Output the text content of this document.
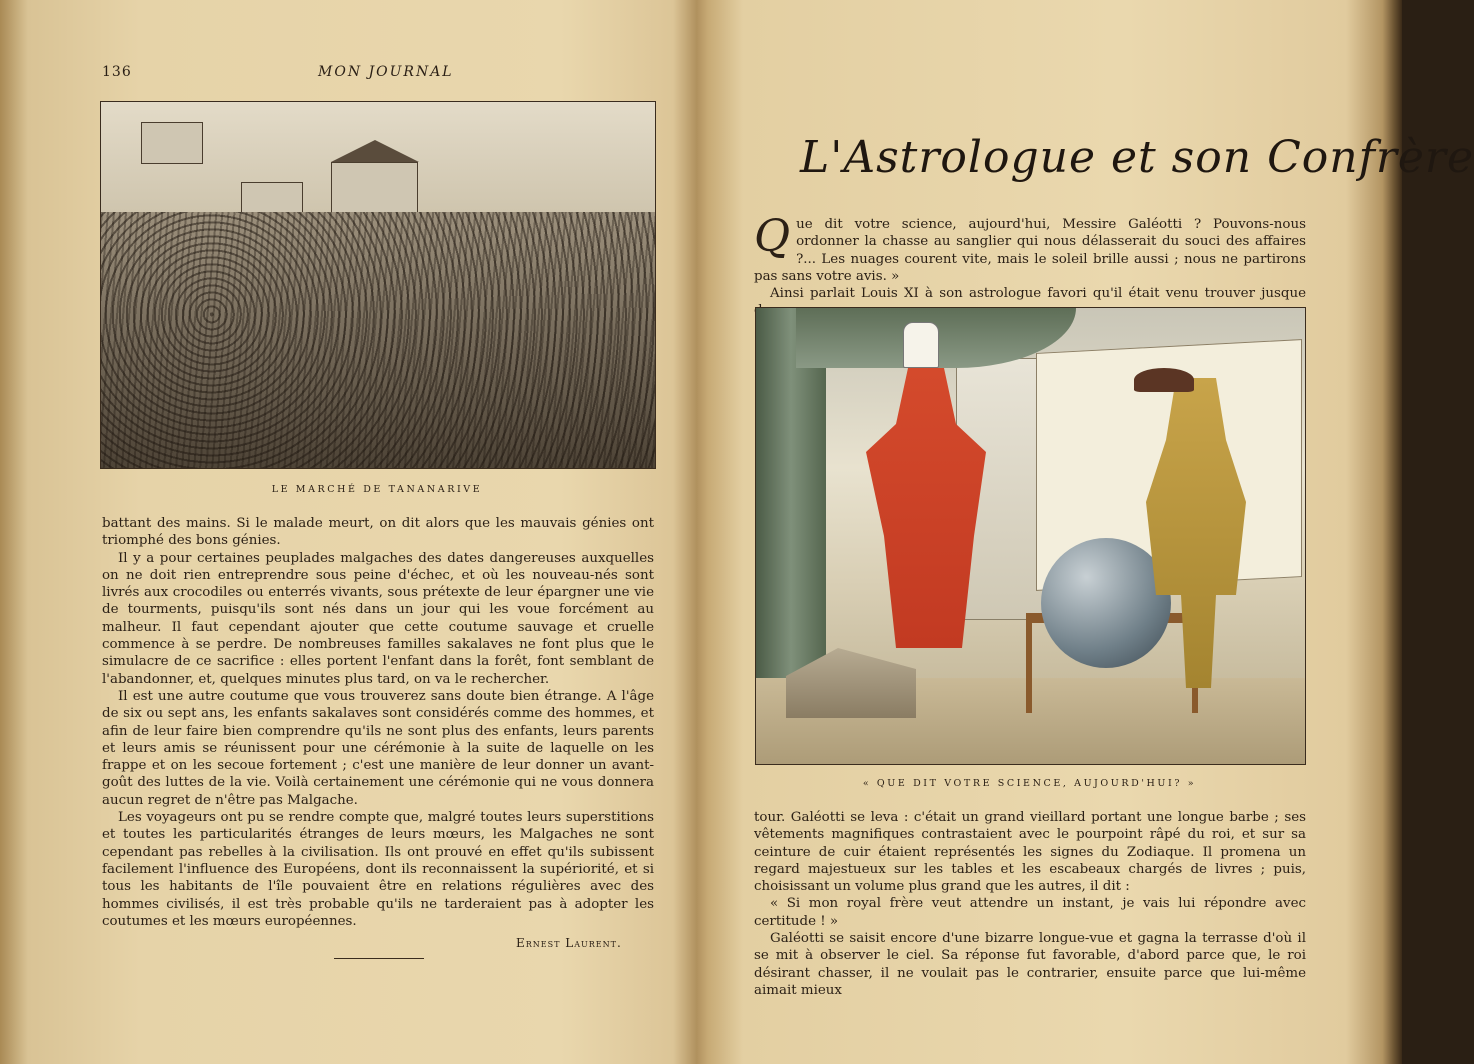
136	MON JOURNAL
LE MARCHÉ DE TANANARIVE

battant des mains. Si le malade meurt, on dit alors que les mauvais génies ont triomphé des bons génies.

Il y a pour certaines peuplades malgaches des dates dangereuses auxquelles on ne doit rien entreprendre sous peine d'échec, et où les nouveau-nés sont livrés aux crocodiles ou enterrés vivants, sous prétexte de leur épargner une vie de tourments, puisqu'ils sont nés dans un jour qui les voue forcément au malheur. Il faut cependant ajouter que cette coutume sauvage et cruelle commence à se perdre. De nombreuses familles sakalaves ne font plus que le simulacre de ce sacrifice : elles portent l'enfant dans la forêt, font semblant de l'abandonner, et, quelques minutes plus tard, on va le rechercher.

Il est une autre coutume que vous trouverez sans doute bien étrange. A l'âge de six ou sept ans, les enfants sakalaves sont considérés comme des hommes, et afin de leur faire bien comprendre qu'ils ne sont plus des enfants, leurs parents et leurs amis se réunissent pour une cérémonie à la suite de laquelle on les frappe et on les secoue fortement ; c'est une manière de leur donner un avant-goût des luttes de la vie. Voilà certainement une cérémonie qui ne vous donnera aucun regret de n'être pas Malgache.

Les voyageurs ont pu se rendre compte que, malgré toutes leurs superstitions et toutes les particularités étranges de leurs mœurs, les Malgaches ne sont cependant pas rebelles à la civilisation. Ils ont prouvé en effet qu'ils subissent facilement l'influence des Européens, dont ils reconnaissent la supériorité, et si tous les habitants de l'île pouvaient être en relations régulières avec des hommes civilisés, il est très probable qu'ils ne tarderaient pas à adopter les coutumes et les mœurs européennes.

Ernest Laurent.
L'Astrologue et son Confrère
Q ue dit votre science, aujourd'hui, Messire Galéotti ? Pouvons-nous ordonner la chasse au sanglier qui nous délasserait du souci des affaires ?... Les nuages courent vite, mais le soleil brille aussi ; nous ne partirons pas sans votre avis. »

Ainsi parlait Louis XI à son astrologue favori qu'il était venu trouver jusque

« QUE DIT VOTRE SCIENCE, AUJOURD'HUI? »

tour. Galéotti se leva : c'était un grand vieillard portant une longue barbe ; ses vêtements magnifiques contrastaient avec le pourpoint râpé du roi, et sur sa ceinture de cuir étaient représentés les signes du Zodiaque. Il promena un regard majestueux sur les tables et les escabeaux chargés de livres ; puis, choisissant un volume plus grand que les autres, il dit :

« Si mon royal frère veut attendre un instant, je vais lui répondre avec certitude ! »

Galéotti se saisit encore d'une bizarre longue-vue et gagna la terrasse d'où il se mit à observer le ciel. Sa réponse fut favorable, d'abord parce que, le roi désirant chasser, il ne voulait pas le contrarier, ensuite parce que lui-même aimait mieux
